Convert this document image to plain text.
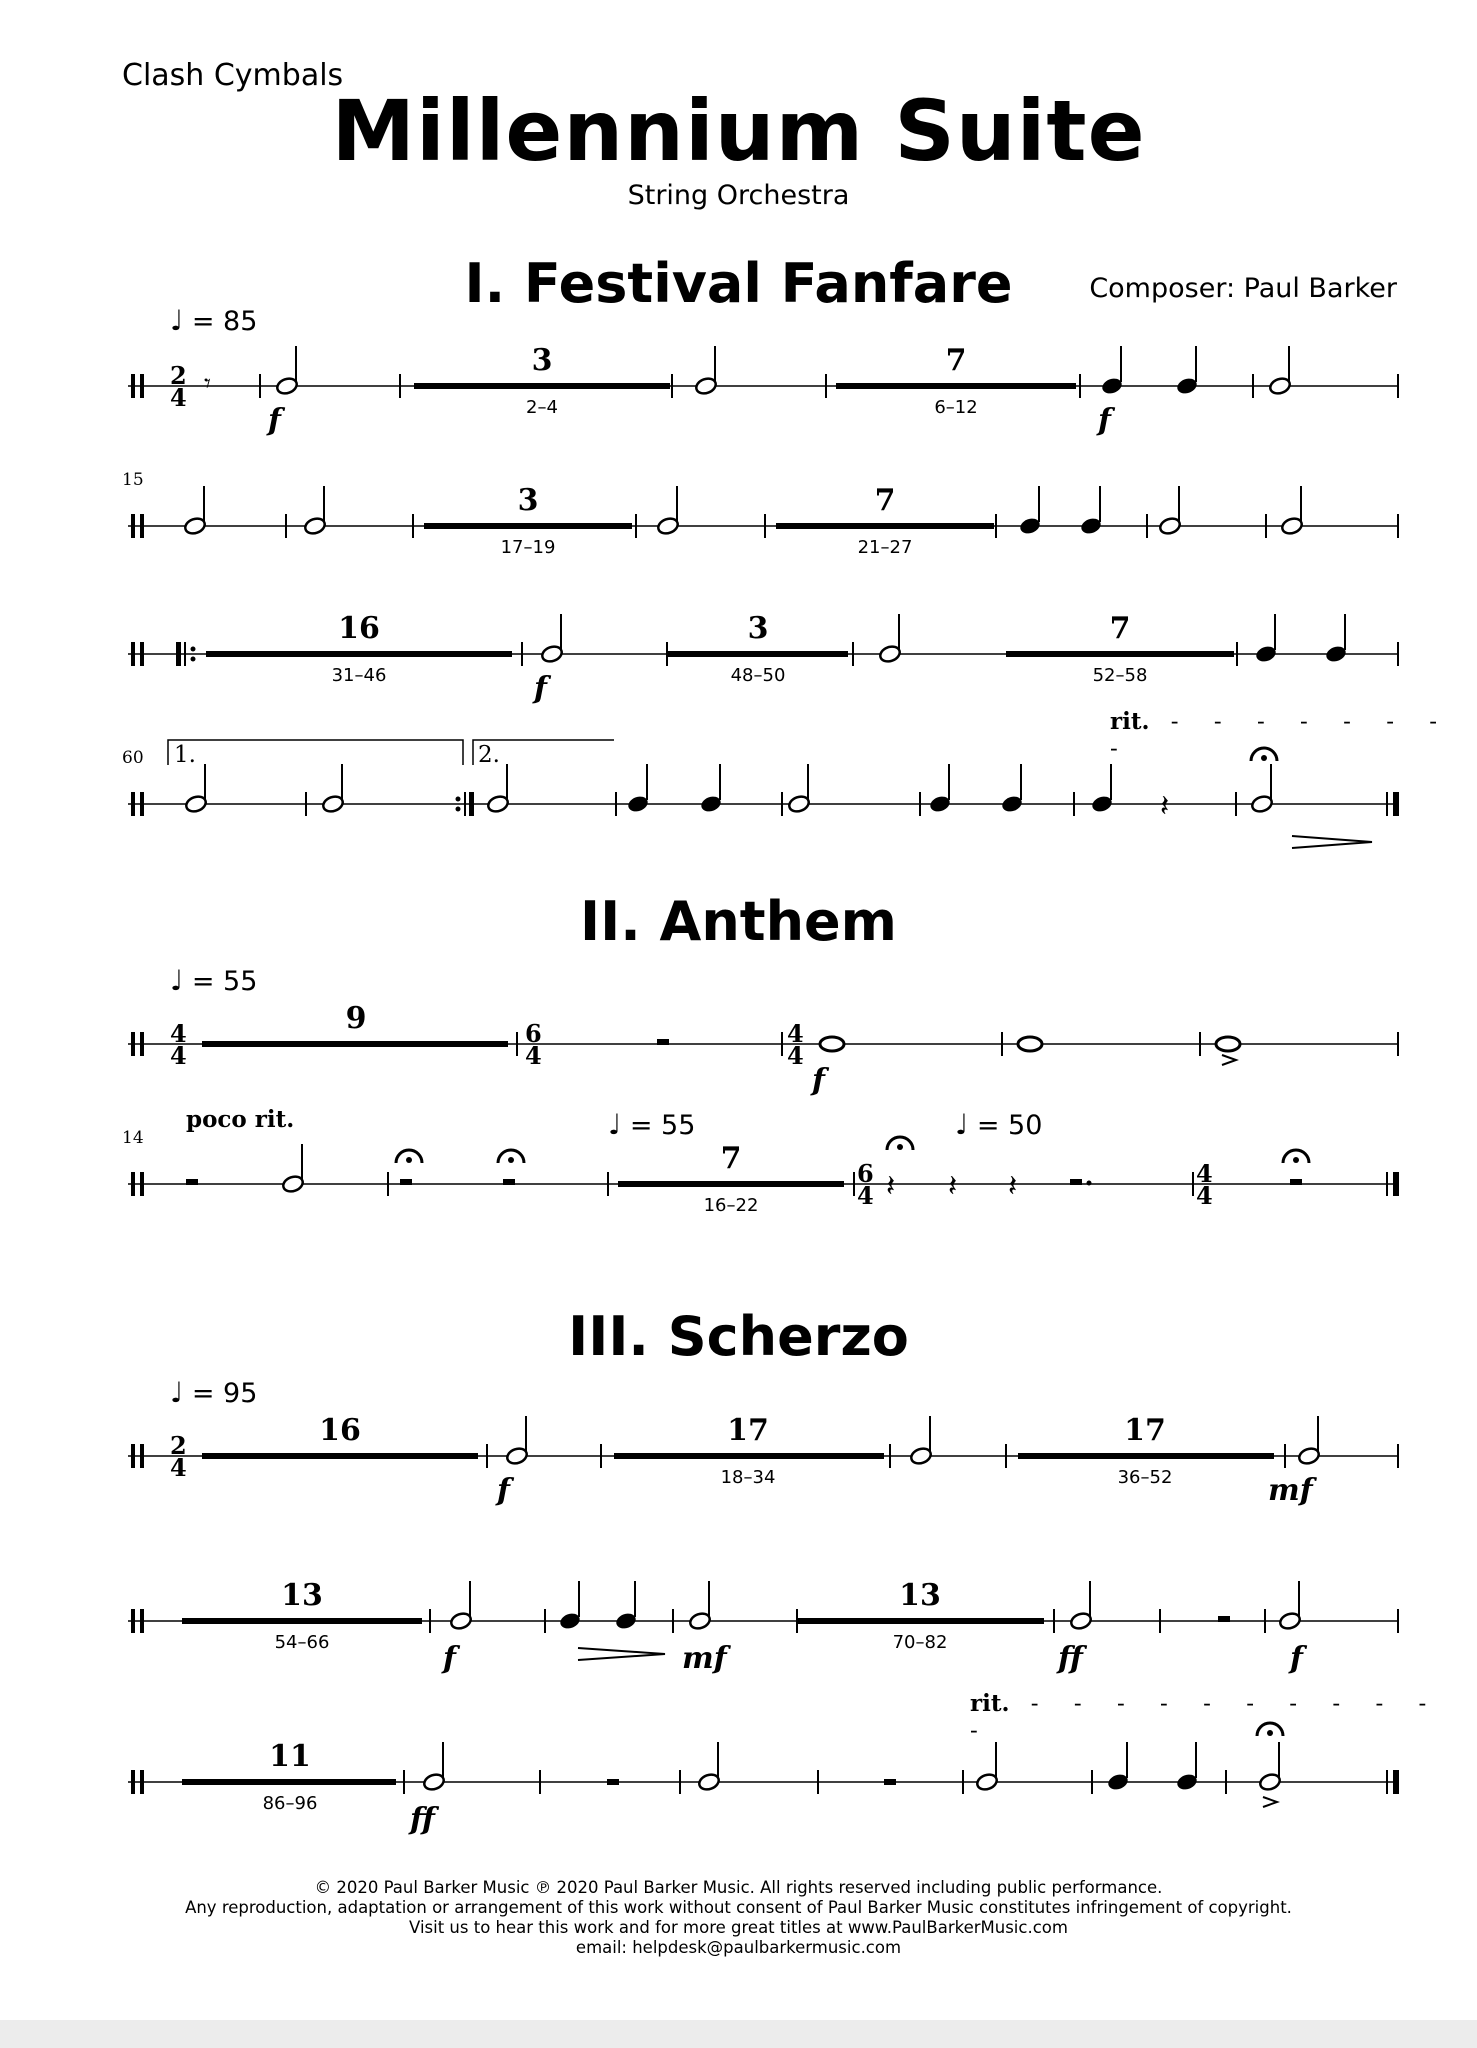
Clash Cymbals
Millennium Suite
String Orchestra
Composer: Paul Barker
I. Festival Fanfare
II. Anthem
III. Scherzo
♩ = 85
♩ = 55
♩ = 95
♩ = 55	♩ = 50
15
60
14
rit. - - - - - - - -
poco rit.
rit. - - - - - - - - - - -
1.	2.
2
4
4
4
6
4
4
4
6
4
4
4
2
4
3
2–4
7
6–12
3
17–19
7
21–27
16
31–46
3
48–50
7
52–58
9
7
16–22
16	17
18–34
17
36–52
13
54–66
13
70–82
11
86–96
𝄽
𝄽 𝄽 𝄽
𝄾
f	f
f
f
f	mf
f	mf	ff	f
ff
© 2020 Paul Barker Music ℗ 2020 Paul Barker Music. All rights reserved including public performance.
Any reproduction, adaptation or arrangement of this work without consent of Paul Barker Music constitutes infringement of copyright.
Visit us to hear this work and for more great titles at www.PaulBarkerMusic.com
email: helpdesk@paulbarkermusic.com
